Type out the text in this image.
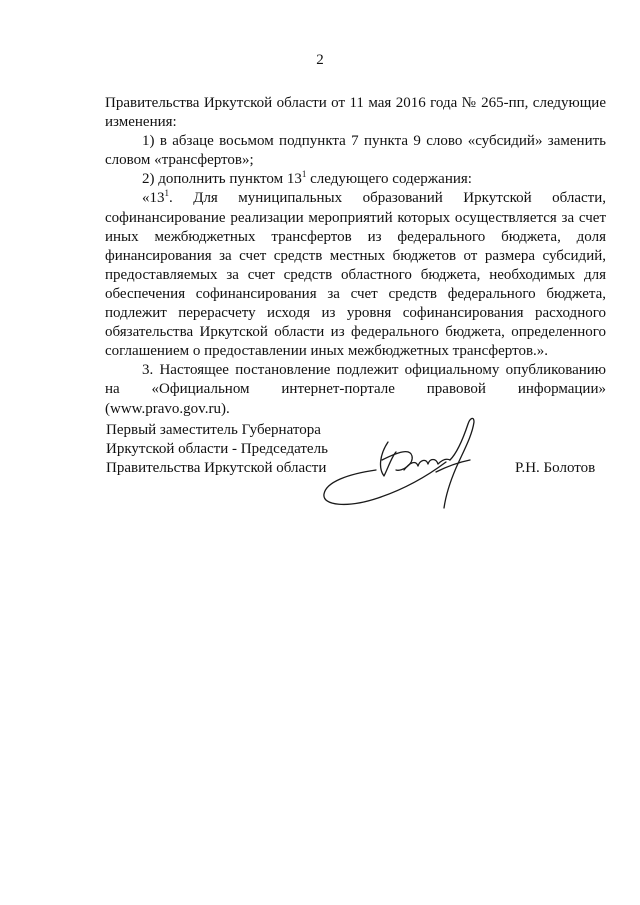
2

Правительства Иркутской области от 11 мая 2016 года № 265-пп, следующие изменения:

1) в абзаце восьмом подпункта 7 пункта 9 слово «субсидий» заменить словом «трансфертов»;

2) дополнить пунктом $13^1$ следующего содержания:

«$13^1$. Для муниципальных образований Иркутской области, софинансирование реализации мероприятий которых осуществляется за счет иных межбюджетных трансфертов из федерального бюджета, доля финансирования за счет средств местных бюджетов от размера субсидий, предоставляемых за счет средств областного бюджета, необходимых для обеспечения софинансирования за счет средств федерального бюджета, подлежит перерасчету исходя из уровня софинансирования расходного обязательства Иркутской области из федерального бюджета, определенного соглашением о предоставлении иных межбюджетных трансфертов.».

3. Настоящее постановление подлежит официальному опубликованию на «Официальном интернет-портале правовой информации» (www.pravo.gov.ru).

Первый заместитель Губернатора
Иркутской области - Председатель
Правительства Иркутской области	Р.Н. Болотов
